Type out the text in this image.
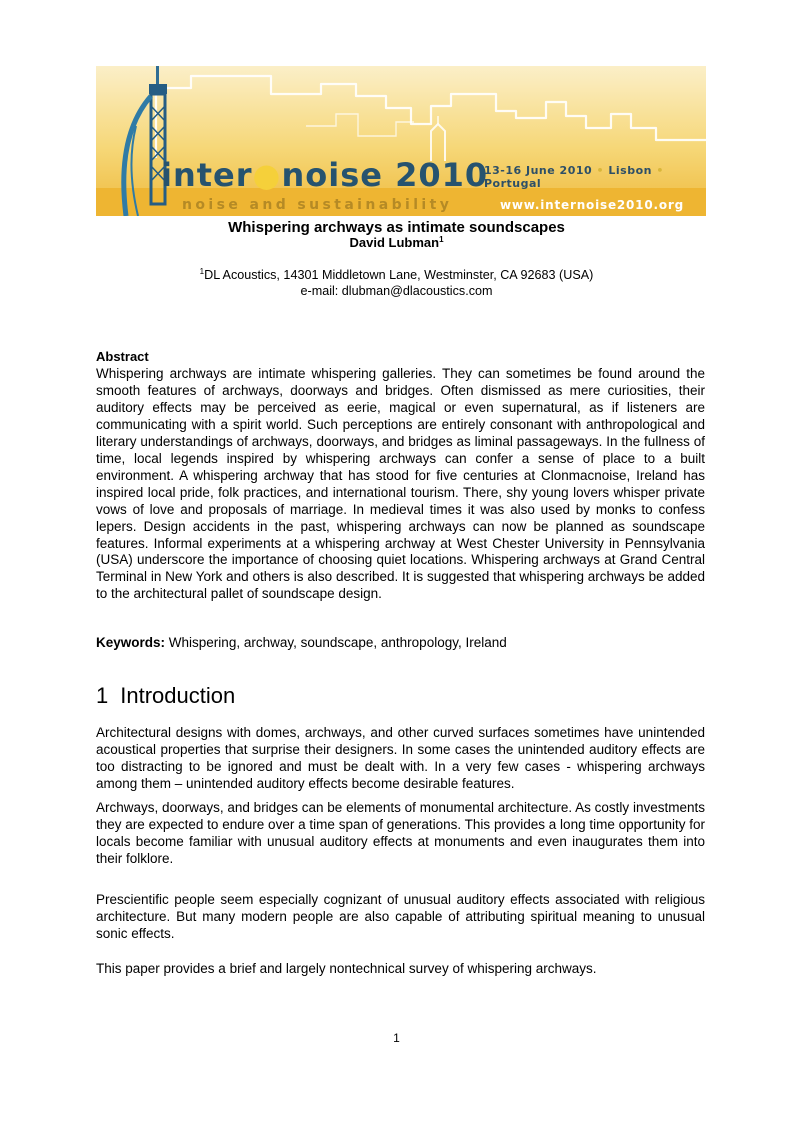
inter●noise 2010
noise and sustainability
13-16 June 2010 • Lisbon • Portugal
www.internoise2010.org
Whispering archways as intimate soundscapes
David Lubman$^1$
$^1$DL Acoustics, 14301 Middletown Lane, Westminster, CA 92683 (USA)
e-mail: dlubman@dlacoustics.com
Abstract
Whispering archways are intimate whispering galleries. They can sometimes be found around the smooth features of archways, doorways and bridges. Often dismissed as mere curiosities, their auditory effects may be perceived as eerie, magical or even supernatural, as if listeners are communicating with a spirit world. Such perceptions are entirely consonant with anthropological and literary understandings of archways, doorways, and bridges as liminal passageways. In the fullness of time, local legends inspired by whispering archways can confer a sense of place to a built environment. A whispering archway that has stood for five centuries at Clonmacnoise, Ireland has inspired local pride, folk practices, and international tourism. There, shy young lovers whisper private vows of love and proposals of marriage. In medieval times it was also used by monks to confess lepers. Design accidents in the past, whispering archways can now be planned as soundscape features. Informal experiments at a whispering archway at West Chester University in Pennsylvania (USA) underscore the importance of choosing quiet locations. Whispering archways at Grand Central Terminal in New York and others is also described. It is suggested that whispering archways be added to the architectural pallet of soundscape design.
Keywords: Whispering, archway, soundscape, anthropology, Ireland
1 Introduction
Architectural designs with domes, archways, and other curved surfaces sometimes have unintended acoustical properties that surprise their designers. In some cases the unintended auditory effects are too distracting to be ignored and must be dealt with. In a very few cases - whispering archways among them – unintended auditory effects become desirable features.
Archways, doorways, and bridges can be elements of monumental architecture. As costly investments they are expected to endure over a time span of generations. This provides a long time opportunity for locals become familiar with unusual auditory effects at monuments and even inaugurates them into their folklore.
Prescientific people seem especially cognizant of unusual auditory effects associated with religious architecture. But many modern people are also capable of attributing spiritual meaning to unusual sonic effects.
This paper provides a brief and largely nontechnical survey of whispering archways.
1
